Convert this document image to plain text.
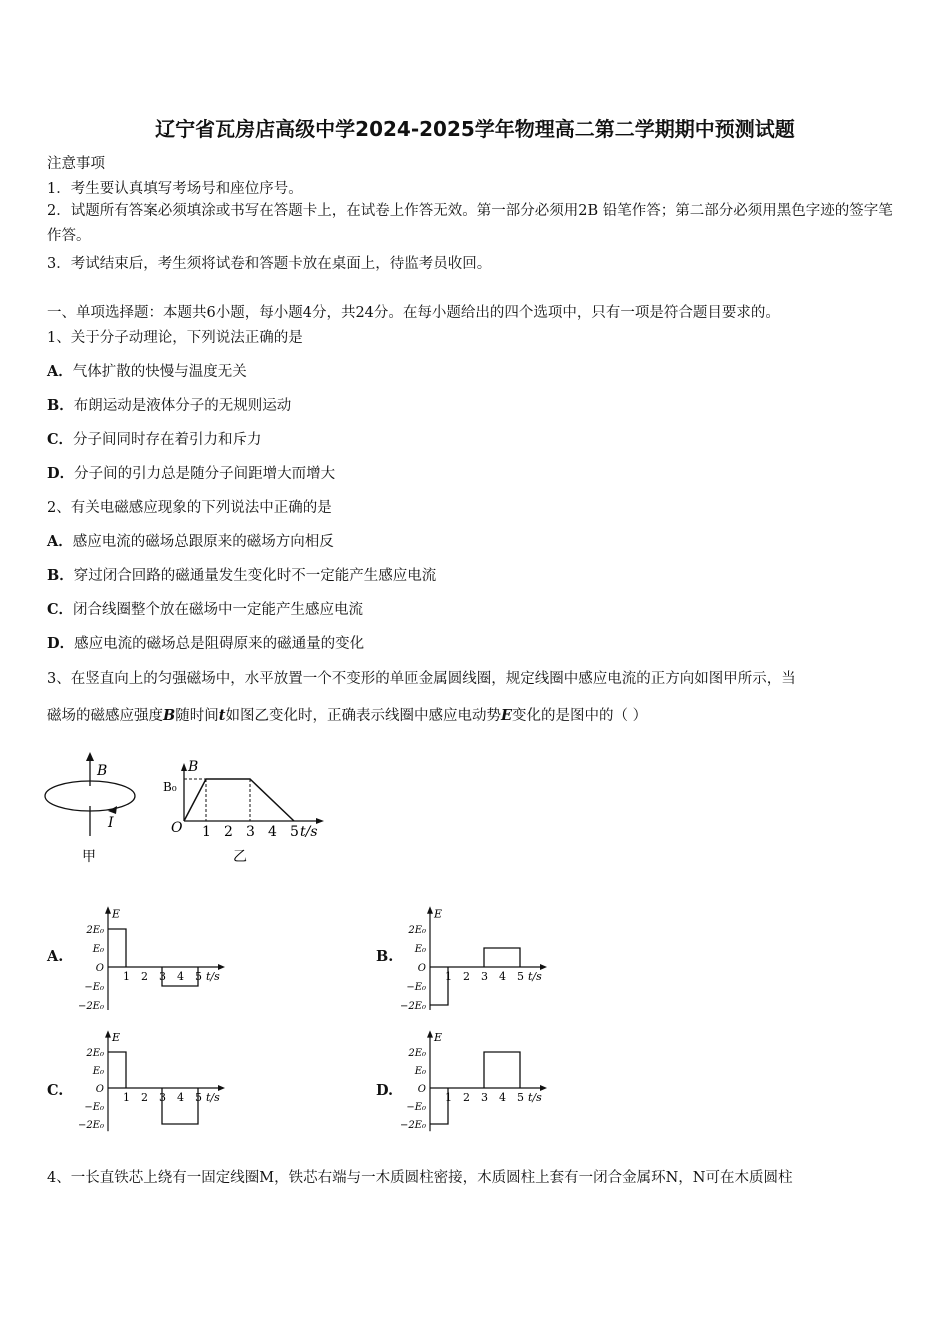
辽宁省瓦房店高级中学2024-2025学年物理高二第二学期期中预测试题
注意事项
1．考生要认真填写考场号和座位序号。
2．试题所有答案必须填涂或书写在答题卡上，在试卷上作答无效。第一部分必须用2B 铅笔作答；第二部分必须用黑色字迹的签字笔作答。
3．考试结束后，考生须将试卷和答题卡放在桌面上，待监考员收回。
一、单项选择题：本题共6小题，每小题4分，共24分。在每小题给出的四个选项中，只有一项是符合题目要求的。
1、关于分子动理论，下列说法正确的是
A．气体扩散的快慢与温度无关
B．布朗运动是液体分子的无规则运动
C．分子间同时存在着引力和斥力
D．分子间的引力总是随分子间距增大而增大
2、有关电磁感应现象的下列说法中正确的是
A．感应电流的磁场总跟原来的磁场方向相反
B．穿过闭合回路的磁通量发生变化时不一定能产生感应电流
C．闭合线圈整个放在磁场中一定能产生感应电流
D．感应电流的磁场总是阻碍原来的磁通量的变化
3、在竖直向上的匀强磁场中，水平放置一个不变形的单匝金属圆线圈，规定线圈中感应电流的正方向如图甲所示，当
磁场的磁感应强度B随时间t如图乙变化时，正确表示线圈中感应电动势E变化的是图中的（ ）
B
I
甲
B
B₀
O	t/s
乙
1 2 3 4 5
A.
E
2E₀
E₀
O
−E₀
−2E₀
1 2 3 4 5 t/s
B.
E
2E₀
E₀
O
−E₀
−2E₀
1 2 3 4 5 t/s
C.
E
2E₀
E₀
O
−E₀
−2E₀
1 2 3 4 5 t/s	D.
E
2E₀
E₀
O
−E₀
−2E₀
1 2 3 4 5 t/s
4、一长直铁芯上绕有一固定线圈M，铁芯右端与一木质圆柱密接，木质圆柱上套有一闭合金属环N，N可在木质圆柱
